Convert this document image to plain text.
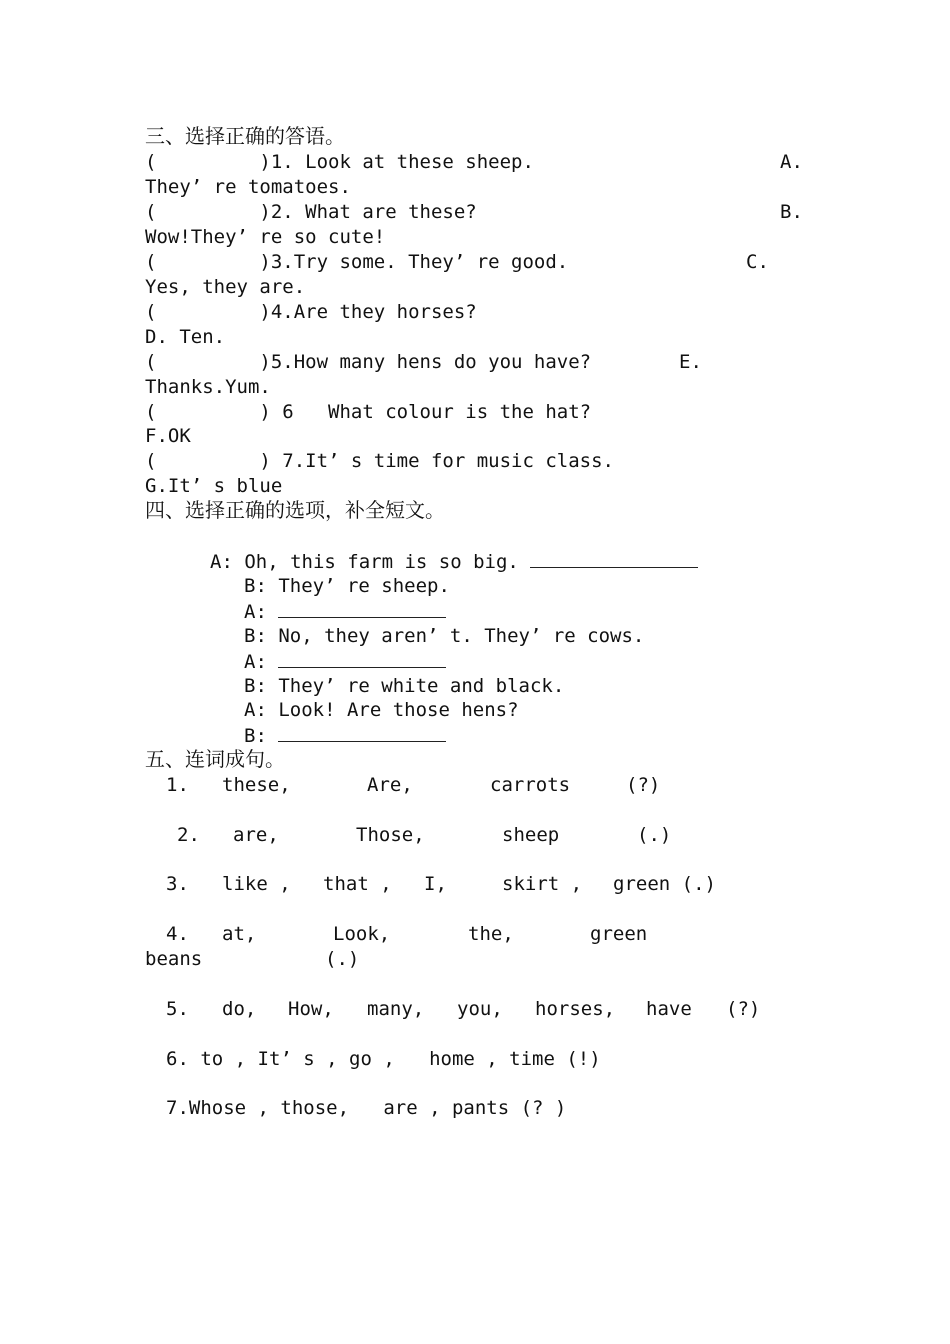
三、选择正确的答语。
(         )1. Look at these sheep.	A.
They’ re tomatoes.
(         )2. What are these?	B.
Wow!They’ re so cute!
(         )3.Try some. They’ re good.	C.
Yes, they are.
(         )4.Are they horses?
D. Ten.
(         )5.How many hens do you have?	E.
Thanks.Yum.
(         ) 6   What colour is the hat?
F.OK
(         ) 7.It’ s time for music class.
G.It’ s blue
四、选择正确的选项，补全短文。
A: Oh, this farm is so big.
B: They’ re sheep.
A:
B: No, they aren’ t. They’ re cows.
A:
B: They’ re white and black.
A: Look! Are those hens?
B:
五、连词成句。
1. these,	Are,	carrots	(?)
2. are,	Those,	sheep	(.)
3. like , that , I,	skirt , green (.)
4. at,	Look,	the,	green
beans	(.)
5. do, How, many, you, horses, have (?)
6. to , It’ s , go ,   home , time (!)
7.Whose , those,   are , pants (? )
